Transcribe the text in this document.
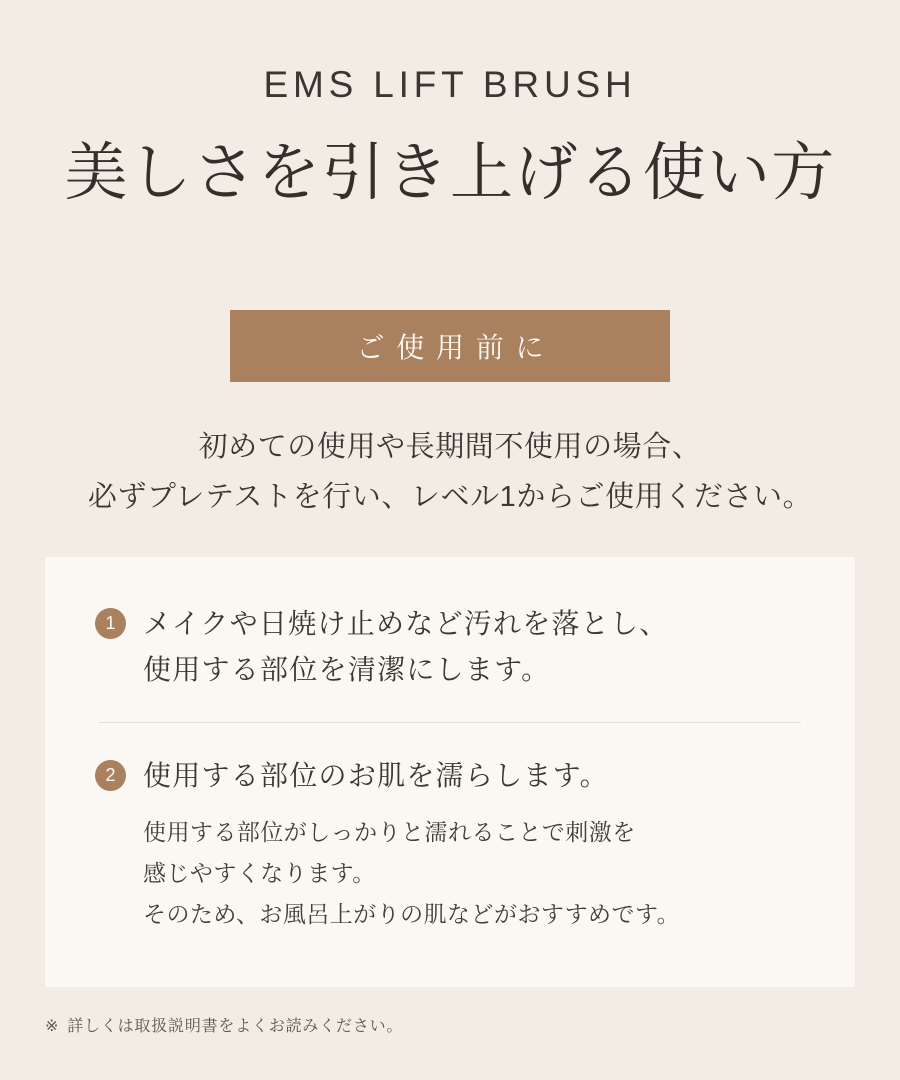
EMS LIFT BRUSH
美しさを引き上げる使い方
ご使用前に
初めての使用や長期間不使用の場合、
必ずプレテストを行い、レベル1からご使用ください。
1 メイクや日焼け止めなど汚れを落とし、
使用する部位を清潔にします。
2 使用する部位のお肌を濡らします。
使用する部位がしっかりと濡れることで刺激を
感じやすくなります。
そのため、お風呂上がりの肌などがおすすめです。
※ 詳しくは取扱説明書をよくお読みください。
